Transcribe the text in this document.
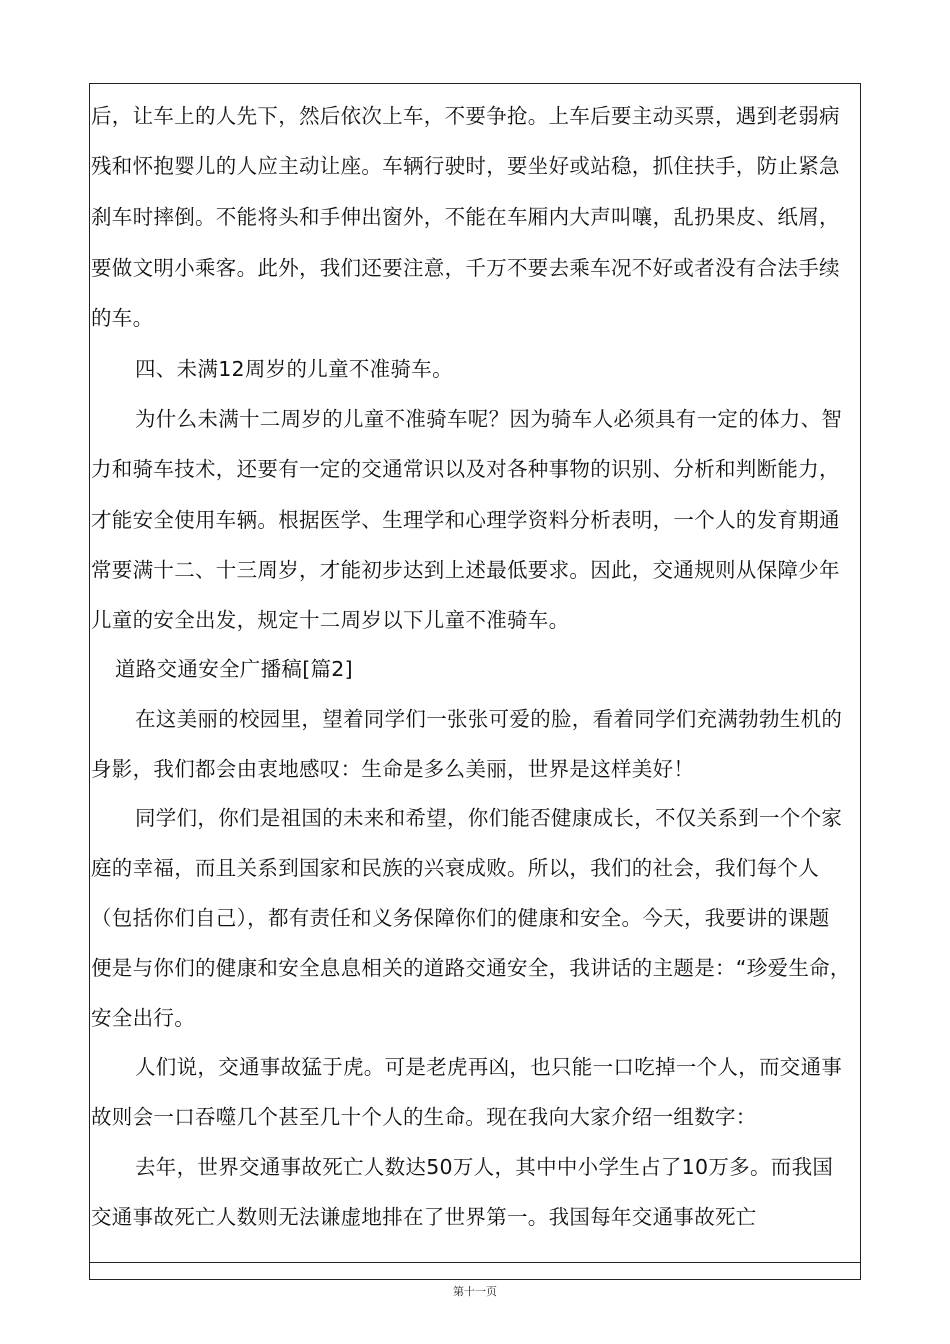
后，让车上的人先下，然后依次上车，不要争抢。上车后要主动买票，遇到老弱病
残和怀抱婴儿的人应主动让座。车辆行驶时，要坐好或站稳，抓住扶手，防止紧急
刹车时摔倒。不能将头和手伸出窗外，不能在车厢内大声叫嚷，乱扔果皮、纸屑，
要做文明小乘客。此外，我们还要注意，千万不要去乘车况不好或者没有合法手续
的车。
四、未满12周岁的儿童不准骑车。
为什么未满十二周岁的儿童不准骑车呢？因为骑车人必须具有一定的体力、智
力和骑车技术，还要有一定的交通常识以及对各种事物的识别、分析和判断能力，
才能安全使用车辆。根据医学、生理学和心理学资料分析表明，一个人的发育期通
常要满十二、十三周岁，才能初步达到上述最低要求。因此，交通规则从保障少年
儿童的安全出发，规定十二周岁以下儿童不准骑车。
道路交通安全广播稿[篇2]
在这美丽的校园里，望着同学们一张张可爱的脸，看着同学们充满勃勃生机的
身影，我们都会由衷地感叹：生命是多么美丽，世界是这样美好！
同学们，你们是祖国的未来和希望，你们能否健康成长，不仅关系到一个个家
庭的幸福，而且关系到国家和民族的兴衰成败。所以，我们的社会，我们每个人
（包括你们自己），都有责任和义务保障你们的健康和安全。今天，我要讲的课题
便是与你们的健康和安全息息相关的道路交通安全，我讲话的主题是：“珍爱生命，
安全出行。
人们说，交通事故猛于虎。可是老虎再凶，也只能一口吃掉一个人，而交通事
故则会一口吞噬几个甚至几十个人的生命。现在我向大家介绍一组数字：
去年，世界交通事故死亡人数达50万人，其中中小学生占了10万多。而我国
交通事故死亡人数则无法谦虚地排在了世界第一。我国每年交通事故死亡
第十一页
